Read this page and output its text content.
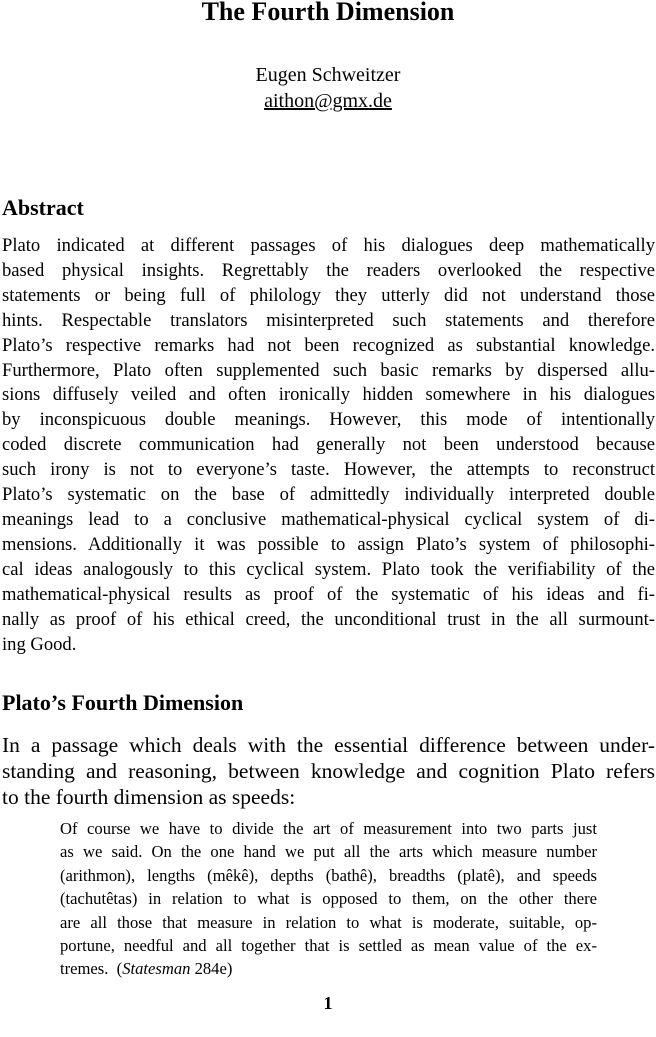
The Fourth Dimension
Eugen Schweitzer
aithon@gmx.de
Abstract
Plato indicated at different passages of his dialogues deep mathematically
based physical insights. Regrettably the readers overlooked the respective
statements or being full of philology they utterly did not understand those
hints. Respectable translators misinterpreted such statements and therefore
Plato’s respective remarks had not been recognized as substantial knowledge.
Furthermore, Plato often supplemented such basic remarks by dispersed allu-
sions diffusely veiled and often ironically hidden somewhere in his dialogues
by inconspicuous double meanings. However, this mode of intentionally
coded discrete communication had generally not been understood because
such irony is not to everyone’s taste. However, the attempts to reconstruct
Plato’s systematic on the base of admittedly individually interpreted double
meanings lead to a conclusive mathematical-physical cyclical system of di-
mensions. Additionally it was possible to assign Plato’s system of philosophi-
cal ideas analogously to this cyclical system. Plato took the verifiability of the
mathematical-physical results as proof of the systematic of his ideas and fi-
nally as proof of his ethical creed, the unconditional trust in the all surmount-
ing Good.
Plato’s Fourth Dimension
In a passage which deals with the essential difference between under-
standing and reasoning, between knowledge and cognition Plato refers
to the fourth dimension as speeds:
Of course we have to divide the art of measurement into two parts just
as we said. On the one hand we put all the arts which measure number
(arithmon), lengths (mêkê), depths (bathê), breadths (platê), and speeds
(tachutêtas) in relation to what is opposed to them, on the other there
are all those that measure in relation to what is moderate, suitable, op-
portune, needful and all together that is settled as mean value of the ex-
tremes.  (Statesman 284e)
1
